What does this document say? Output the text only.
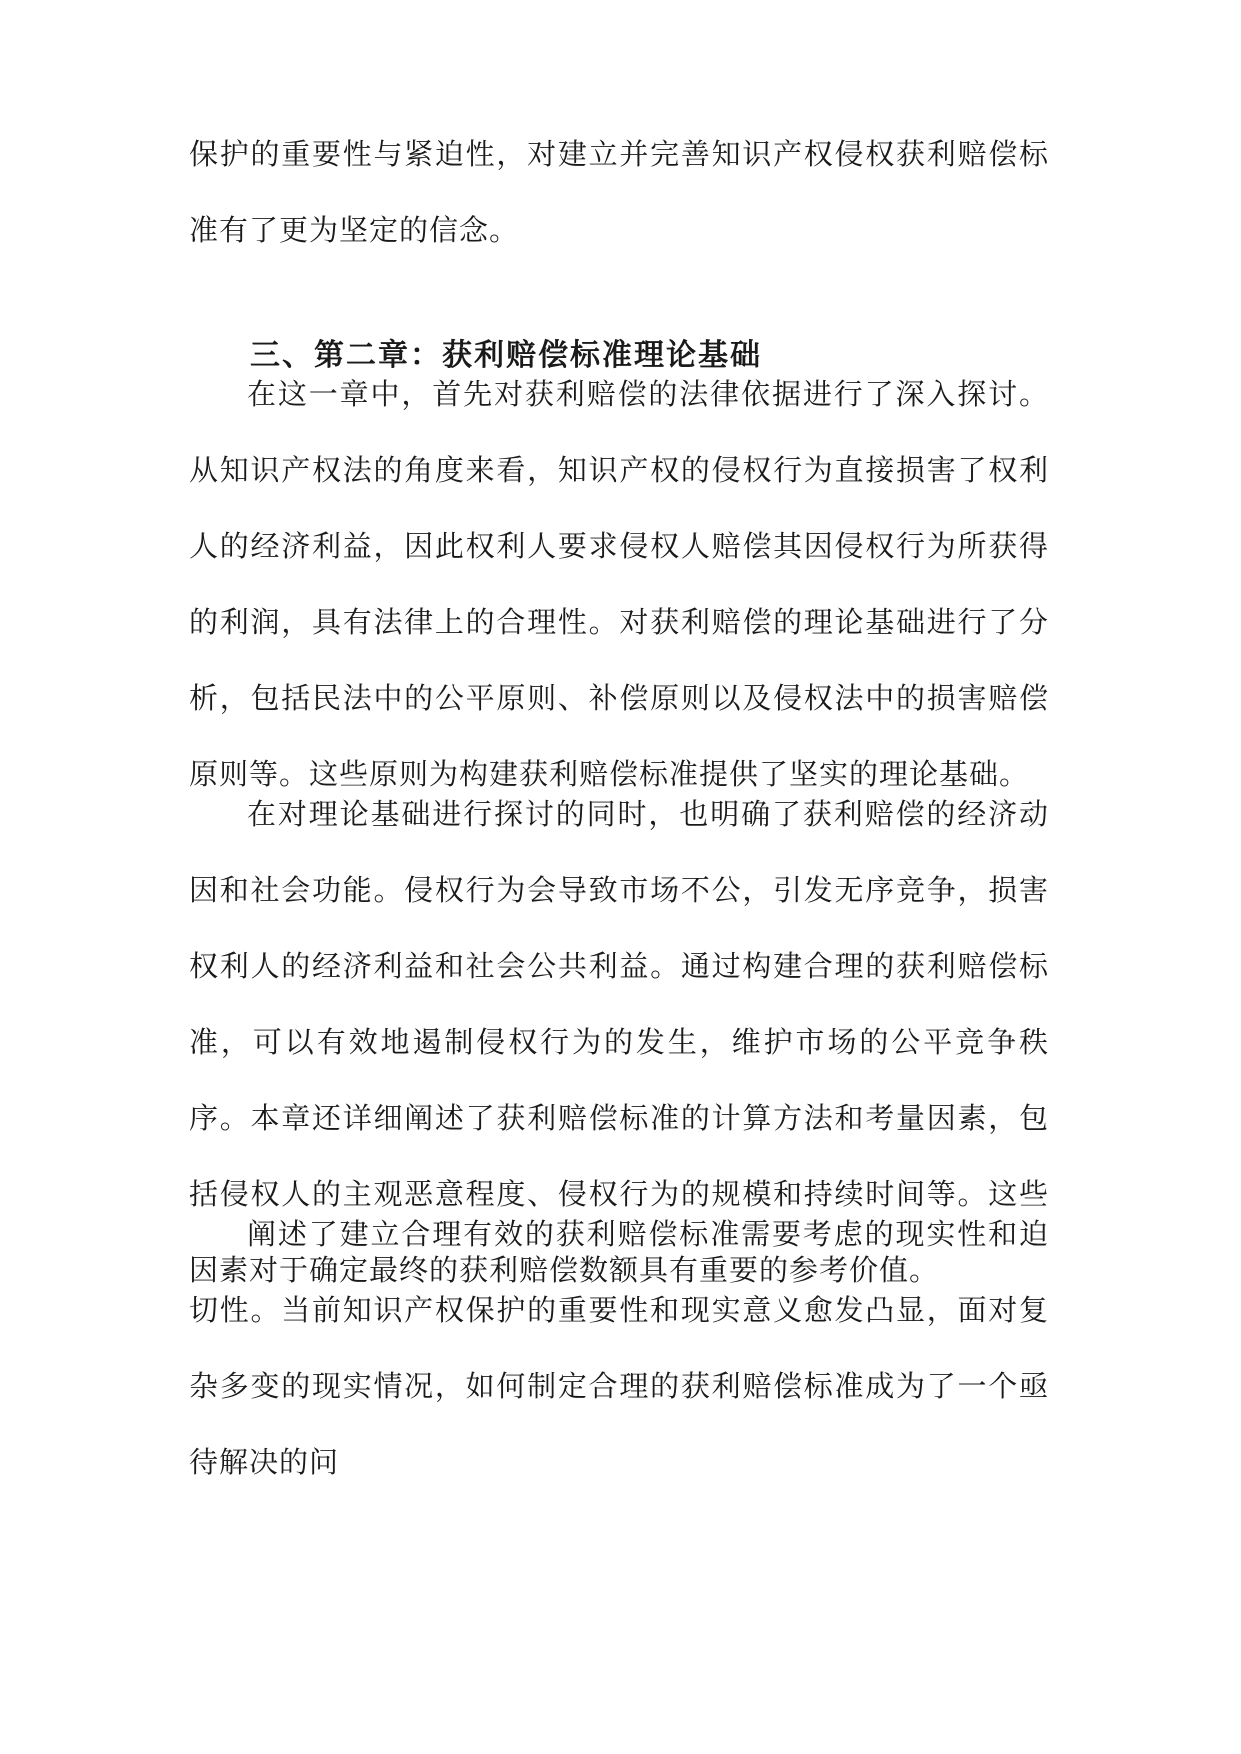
保护的重要性与紧迫性，对建立并完善知识产权侵权获利赔偿标准有了更为坚定的信念。

三、第二章：获利赔偿标准理论基础

在这一章中，首先对获利赔偿的法律依据进行了深入探讨。从知识产权法的角度来看，知识产权的侵权行为直接损害了权利人的经济利益，因此权利人要求侵权人赔偿其因侵权行为所获得的利润，具有法律上的合理性。对获利赔偿的理论基础进行了分析，包括民法中的公平原则、补偿原则以及侵权法中的损害赔偿原则等。这些原则为构建获利赔偿标准提供了坚实的理论基础。

在对理论基础进行探讨的同时，也明确了获利赔偿的经济动因和社会功能。侵权行为会导致市场不公，引发无序竞争，损害权利人的经济利益和社会公共利益。通过构建合理的获利赔偿标准，可以有效地遏制侵权行为的发生，维护市场的公平竞争秩序。本章还详细阐述了获利赔偿标准的计算方法和考量因素，包括侵权人的主观恶意程度、侵权行为的规模和持续时间等。这些因素对于确定最终的获利赔偿数额具有重要的参考价值。

阐述了建立合理有效的获利赔偿标准需要考虑的现实性和迫切性。当前知识产权保护的重要性和现实意义愈发凸显，面对复杂多变的现实情况，如何制定合理的获利赔偿标准成为了一个亟待解决的问
